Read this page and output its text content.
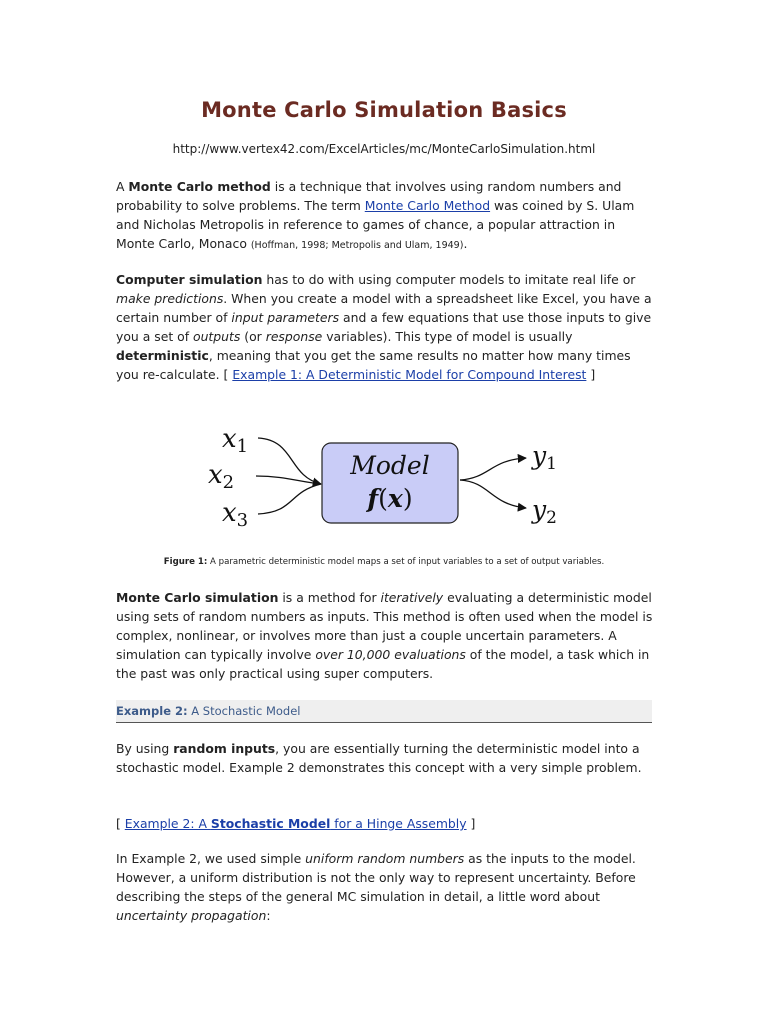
Monte Carlo Simulation Basics
http://www.vertex42.com/ExcelArticles/mc/MonteCarloSimulation.html

A Monte Carlo method is a technique that involves using random numbers and probability to solve problems. The term Monte Carlo Method was coined by S. Ulam and Nicholas Metropolis in reference to games of chance, a popular attraction in Monte Carlo, Monaco (Hoffman, 1998; Metropolis and Ulam, 1949).

Computer simulation has to do with using computer models to imitate real life or make predictions. When you create a model with a spreadsheet like Excel, you have a certain number of input parameters and a few equations that use those inputs to give you a set of outputs (or response variables). This type of model is usually deterministic, meaning that you get the same results no matter how many times you re-calculate. [ Example 1: A Deterministic Model for Compound Interest ]

x1
x2
x3
Model
f(x)
$y_1$
$y_2$
Figure 1: A parametric deterministic model maps a set of input variables to a set of output variables.

Monte Carlo simulation is a method for iteratively evaluating a deterministic model using sets of random numbers as inputs. This method is often used when the model is complex, nonlinear, or involves more than just a couple uncertain parameters. A simulation can typically involve over 10,000 evaluations of the model, a task which in the past was only practical using super computers.

Example 2: A Stochastic Model

By using random inputs, you are essentially turning the deterministic model into a stochastic model. Example 2 demonstrates this concept with a very simple problem.

[ Example 2: A Stochastic Model for a Hinge Assembly ]

In Example 2, we used simple uniform random numbers as the inputs to the model. However, a uniform distribution is not the only way to represent uncertainty. Before describing the steps of the general MC simulation in detail, a little word about uncertainty propagation:
